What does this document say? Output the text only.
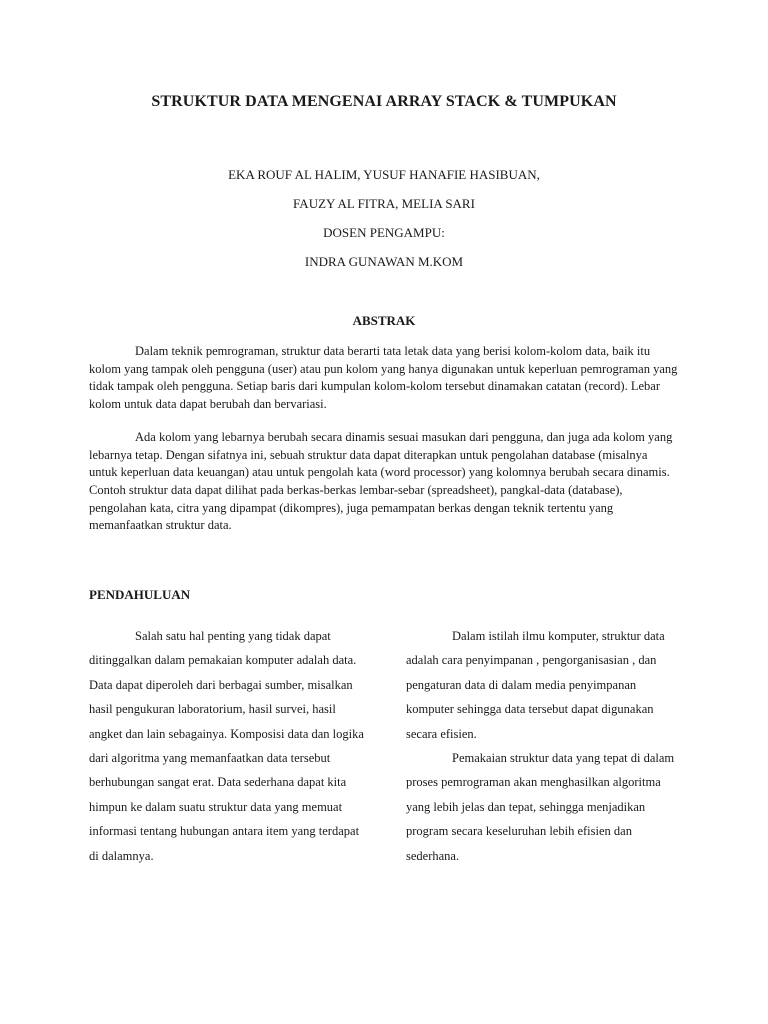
STRUKTUR DATA MENGENAI ARRAY STACK & TUMPUKAN
EKA ROUF AL HALIM, YUSUF HANAFIE HASIBUAN,
FAUZY AL FITRA, MELIA SARI
DOSEN PENGAMPU:
INDRA GUNAWAN M.KOM
ABSTRAK

Dalam teknik pemrograman, struktur data berarti tata letak data yang berisi kolom-kolom data, baik itu kolom yang tampak oleh pengguna (user) atau pun kolom yang hanya digunakan untuk keperluan pemrograman yang tidak tampak oleh pengguna. Setiap baris dari kumpulan kolom-kolom tersebut dinamakan catatan (record). Lebar kolom untuk data dapat berubah dan bervariasi.

Ada kolom yang lebarnya berubah secara dinamis sesuai masukan dari pengguna, dan juga ada kolom yang lebarnya tetap. Dengan sifatnya ini, sebuah struktur data dapat diterapkan untuk pengolahan database (misalnya untuk keperluan data keuangan) atau untuk pengolah kata (word processor) yang kolomnya berubah secara dinamis. Contoh struktur data dapat dilihat pada berkas-berkas lembar-sebar (spreadsheet), pangkal-data (database), pengolahan kata, citra yang dipampat (dikompres), juga pemampatan berkas dengan teknik tertentu yang memanfaatkan struktur data.

PENDAHULUAN

Salah satu hal penting yang tidak dapat ditinggalkan dalam pemakaian komputer adalah data. Data dapat diperoleh dari berbagai sumber, misalkan hasil pengukuran laboratorium, hasil survei, hasil angket dan lain sebagainya. Komposisi data dan logika dari algoritma yang memanfaatkan data tersebut berhubungan sangat erat. Data sederhana dapat kita himpun ke dalam suatu struktur data yang memuat informasi tentang hubungan antara item yang terdapat di dalamnya.

Dalam istilah ilmu komputer, struktur data adalah cara penyimpanan , pengorganisasian , dan pengaturan data di dalam media penyimpanan komputer sehingga data tersebut dapat digunakan secara efisien.

Pemakaian struktur data yang tepat di dalam proses pemrograman akan menghasilkan algoritma yang lebih jelas dan tepat, sehingga menjadikan program secara keseluruhan lebih efisien dan sederhana.
